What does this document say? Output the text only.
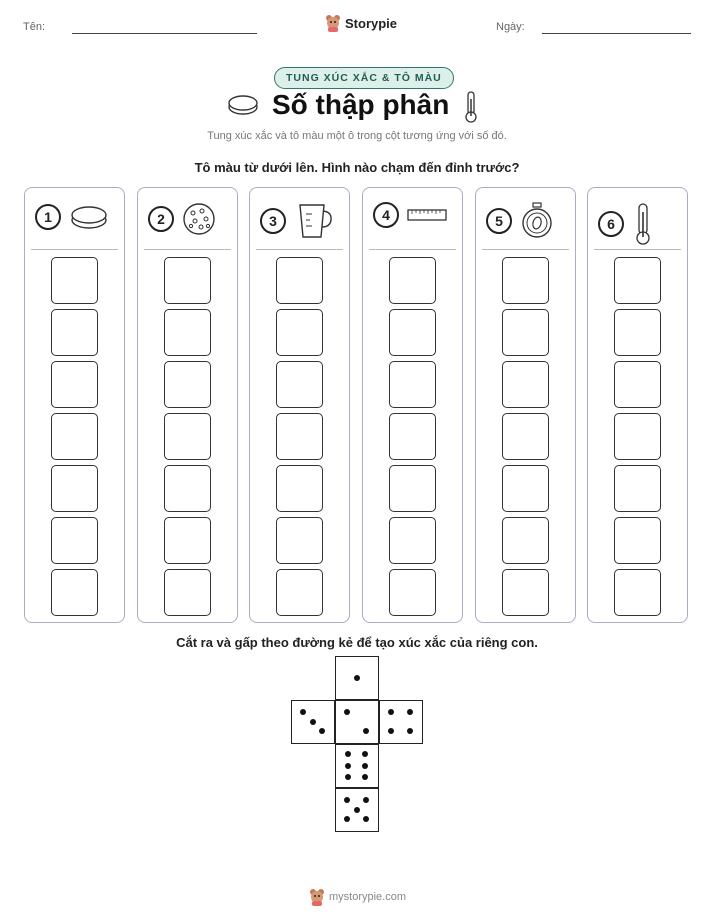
Tên:	Storypie	Ngày:
TUNG XÚC XẮC & TÔ MÀU
Số thập phân
Tung xúc xắc và tô màu một ô trong cột tương ứng với số đó.
Tô màu từ dưới lên. Hình nào chạm đến đỉnh trước?
1	2	3	4	5	6
Cắt ra và gấp theo đường kẻ để tạo xúc xắc của riêng con.
mystorypie.com
